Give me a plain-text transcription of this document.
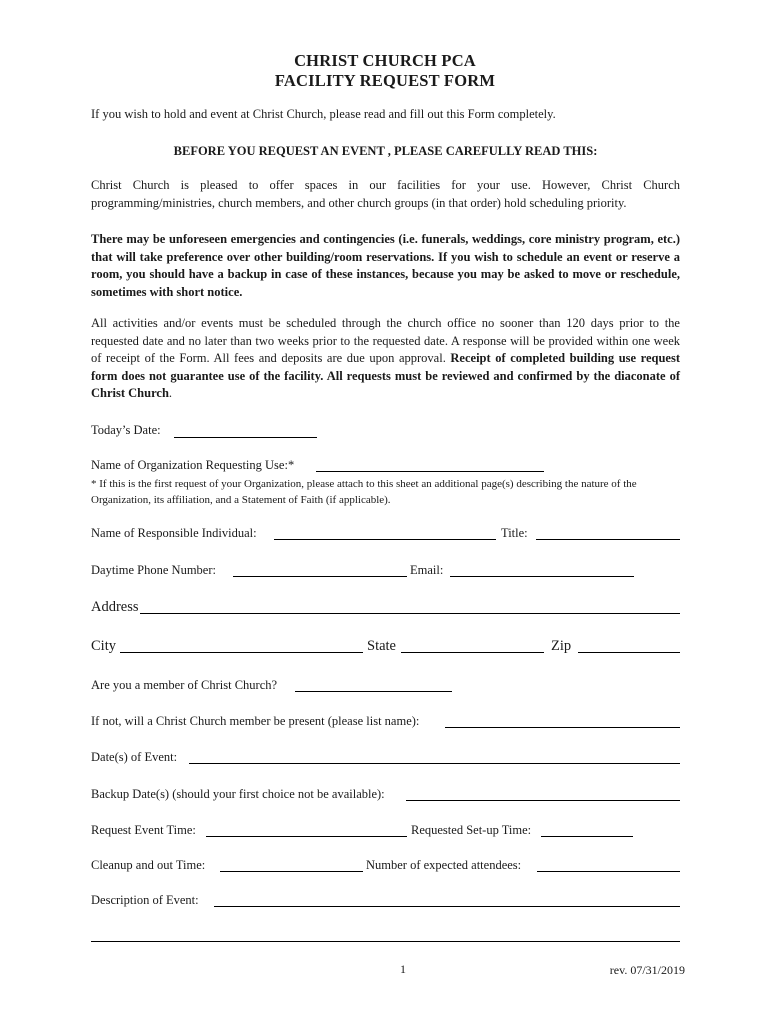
CHRIST CHURCH PCA
FACILITY REQUEST FORM
If you wish to hold and event at Christ Church, please read and fill out this Form completely.
BEFORE YOU REQUEST AN EVENT , PLEASE CAREFULLY READ THIS:
Christ Church is pleased to offer spaces in our facilities for your use. However, Christ Church programming/ministries, church members, and other church groups (in that order) hold scheduling priority.
There may be unforeseen emergencies and contingencies (i.e. funerals, weddings, core ministry program, etc.) that will take preference over other building/room reservations. If you wish to schedule an event or reserve a room, you should have a backup in case of these instances, because you may be asked to move or reschedule, sometimes with short notice.
All activities and/or events must be scheduled through the church office no sooner than 120 days prior to the requested date and no later than two weeks prior to the requested date. A response will be provided within one week of receipt of the Form. All fees and deposits are due upon approval. Receipt of completed building use request form does not guarantee use of the facility. All requests must be reviewed and confirmed by the diaconate of Christ Church.
Today’s Date:
Name of Organization Requesting Use:*
* If this is the first request of your Organization, please attach to this sheet an additional page(s) describing the nature of the Organization, its affiliation, and a Statement of Faith (if applicable).
Name of Responsible Individual:	Title:
Daytime Phone Number:	Email:
Address
City	State	Zip
Are you a member of Christ Church?
If not, will a Christ Church member be present (please list name):
Date(s) of Event:
Backup Date(s) (should your first choice not be available):
Request Event Time:	Requested Set-up Time:
Cleanup and out Time:	Number of expected attendees:
Description of Event:
1	rev. 07/31/2019
